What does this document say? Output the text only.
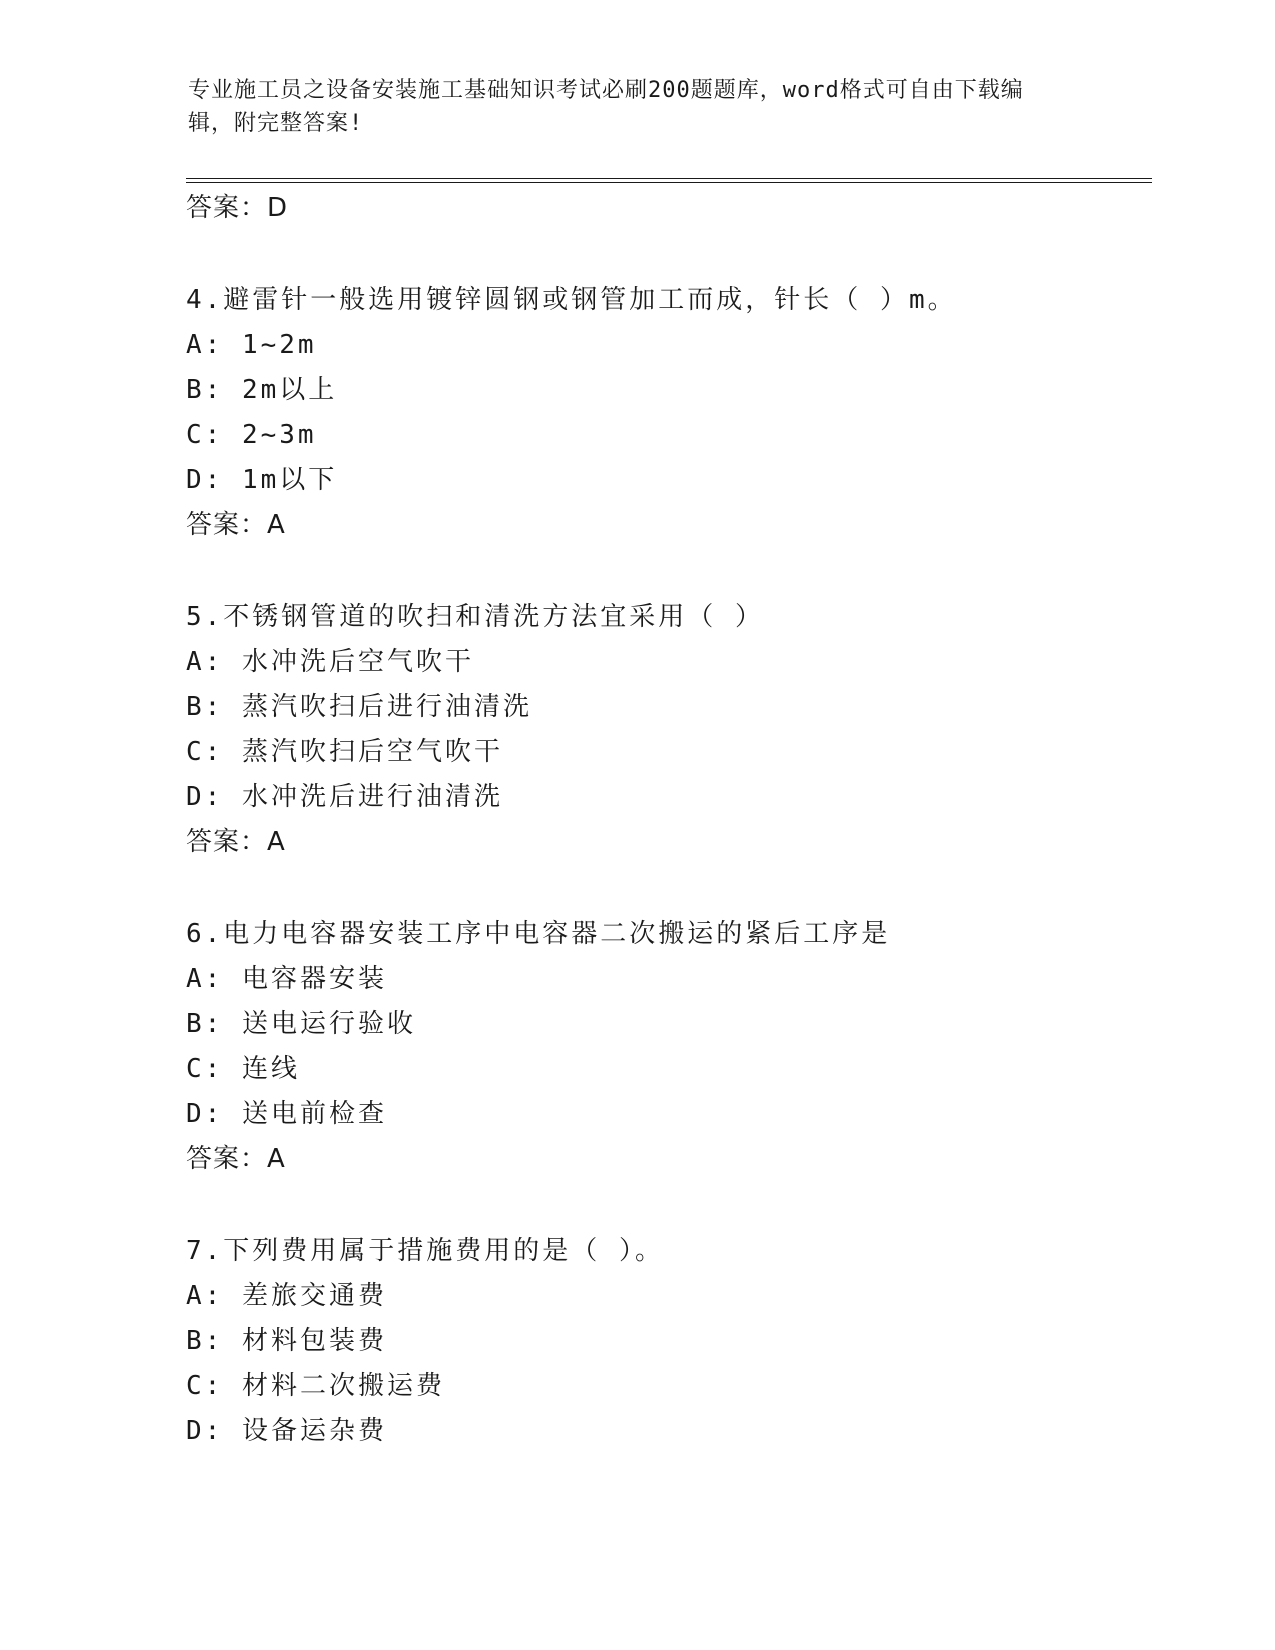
专业施工员之设备安装施工基础知识考试必刷200题题库，word格式可自由下载编辑，附完整答案!
答案：D
4.避雷针一般选用镀锌圆钢或钢管加工而成，针长（ ）m。
A: 1~2m
B: 2m以上
C: 2~3m
D: 1m以下
答案：A
5.不锈钢管道的吹扫和清洗方法宜采用（ ）
A: 水冲洗后空气吹干
B: 蒸汽吹扫后进行油清洗
C: 蒸汽吹扫后空气吹干
D: 水冲洗后进行油清洗
答案：A
6.电力电容器安装工序中电容器二次搬运的紧后工序是
A: 电容器安装
B: 送电运行验收
C: 连线
D: 送电前检查
答案：A
7.下列费用属于措施费用的是（ ）。
A: 差旅交通费
B: 材料包装费
C: 材料二次搬运费
D: 设备运杂费
